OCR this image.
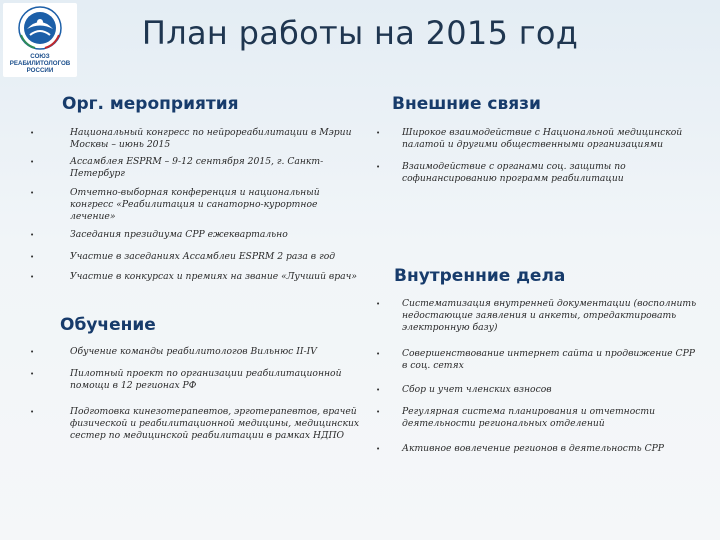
СОЮЗ
РЕАБИЛИТОЛОГОВ
РОССИИ
План работы на 2015 год
Орг. мероприятия
•	Национальный конгресс по нейрореабилитации в Мэрии Москвы – июнь 2015
•	Ассамблея ESPRM – 9-12 сентября 2015, г. Санкт-Петербург
•	Отчетно-выборная конференция и национальный конгресс «Реабилитация и санаторно-курортное лечение»
•	Заседания президиума СРР ежеквартально
•	Участие в заседаниях Ассамблеи ESPRM 2 раза в год
•	Участие в конкурсах и премиях на звание «Лучший врач»
Внешние связи
• Широкое взаимодействие с Национальной медицинской палатой и другими общественными организациями
• Взаимодействие с органами соц. защиты по софинансированию программ реабилитации
Внутренние дела
• Систематизация внутренней документации (восполнить недостающие заявления и анкеты, отредактировать электронную базу)
• Совершенствование интернет сайта и продвижение СРР в соц. сетях
• Сбор и учет членских взносов
• Регулярная система планирования и отчетности деятельности региональных отделений
• Активное вовлечение регионов в деятельность СРР
Обучение
•	Обучение команды реабилитологов Вильнюс II-IV
•	Пилотный проект по организации реабилитационной помощи в 12 регионах РФ
•	Подготовка кинезотерапевтов, эрготерапевтов, врачей физической и реабилитационной медицины, медицинских сестер по медицинской реабилитации в рамках НДПО
